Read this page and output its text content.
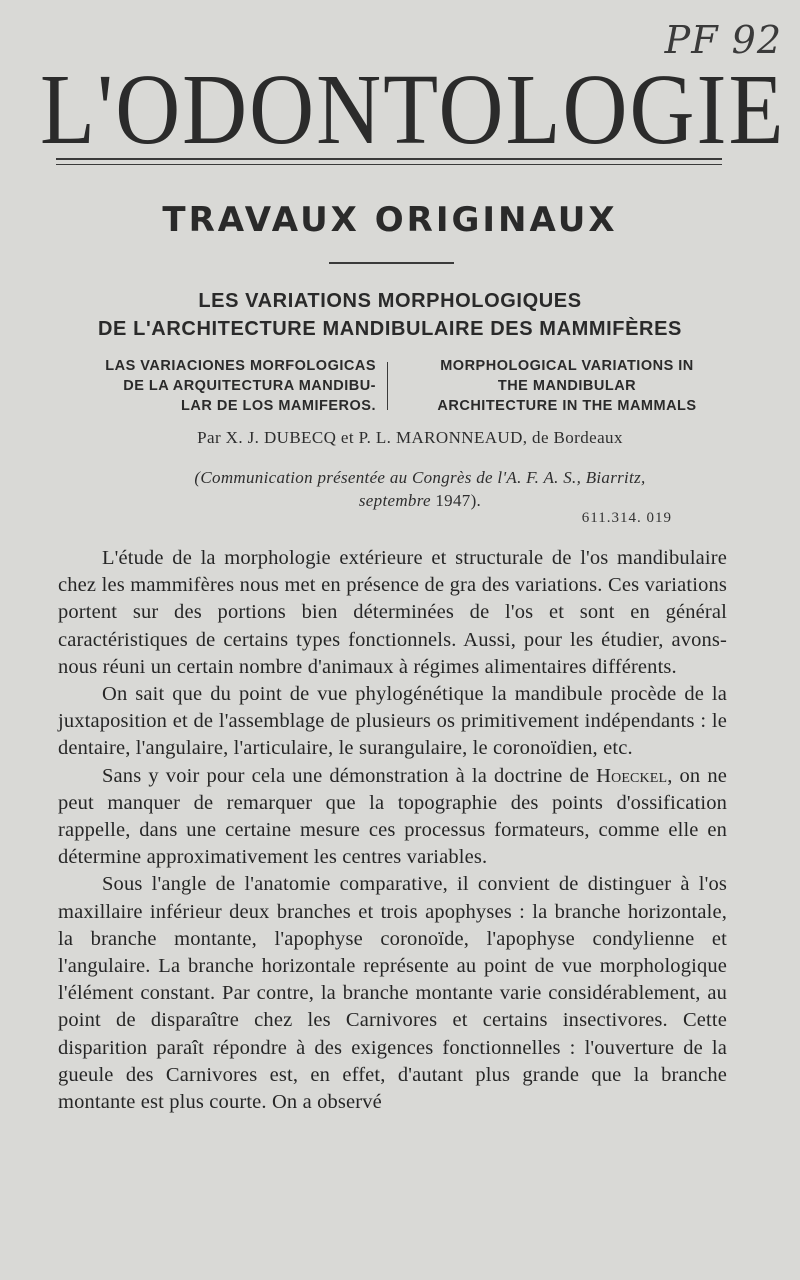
PF 92
L'ODONTOLOGIE
TRAVAUX ORIGINAUX
LES VARIATIONS MORPHOLOGIQUES
DE L'ARCHITECTURE MANDIBULAIRE DES MAMMIFÈRES
LAS VARIACIONES MORFOLOGICAS
DE LA ARQUITECTURA MANDIBU-
LAR DE LOS MAMIFEROS.
MORPHOLOGICAL VARIATIONS IN
THE MANDIBULAR
ARCHITECTURE IN THE MAMMALS
Par X. J. DUBECQ et P. L. MARONNEAUD, de Bordeaux
(Communication présentée au Congrès de l'A. F. A. S., Biarritz,
septembre 1947).
611.314. 019

L'étude de la morphologie extérieure et structurale de l'os mandibulaire chez les mammifères nous met en présence de gra des variations. Ces variations portent sur des portions bien déterminées de l'os et sont en général caractéristiques de certains types fonctionnels. Aussi, pour les étudier, avons-nous réuni un certain nombre d'animaux à régimes alimentaires différents.

On sait que du point de vue phylogénétique la mandibule procède de la juxtaposition et de l'assemblage de plusieurs os primitivement indépendants : le dentaire, l'angulaire, l'articulaire, le surangulaire, le coronoïdien, etc.

Sans y voir pour cela une démonstration à la doctrine de Hoeckel, on ne peut manquer de remarquer que la topographie des points d'ossification rappelle, dans une certaine mesure ces processus formateurs, comme elle en détermine approximativement les centres variables.

Sous l'angle de l'anatomie comparative, il convient de distinguer à l'os maxillaire inférieur deux branches et trois apophyses : la branche horizontale, la branche montante, l'apophyse coronoïde, l'apophyse condylienne et l'angulaire. La branche horizontale représente au point de vue morphologique l'élément constant. Par contre, la branche montante varie considérablement, au point de disparaître chez les Carnivores et certains insectivores. Cette disparition paraît répondre à des exigences fonctionnelles : l'ouverture de la gueule des Carnivores est, en effet, d'autant plus grande que la branche montante est plus courte. On a observé
